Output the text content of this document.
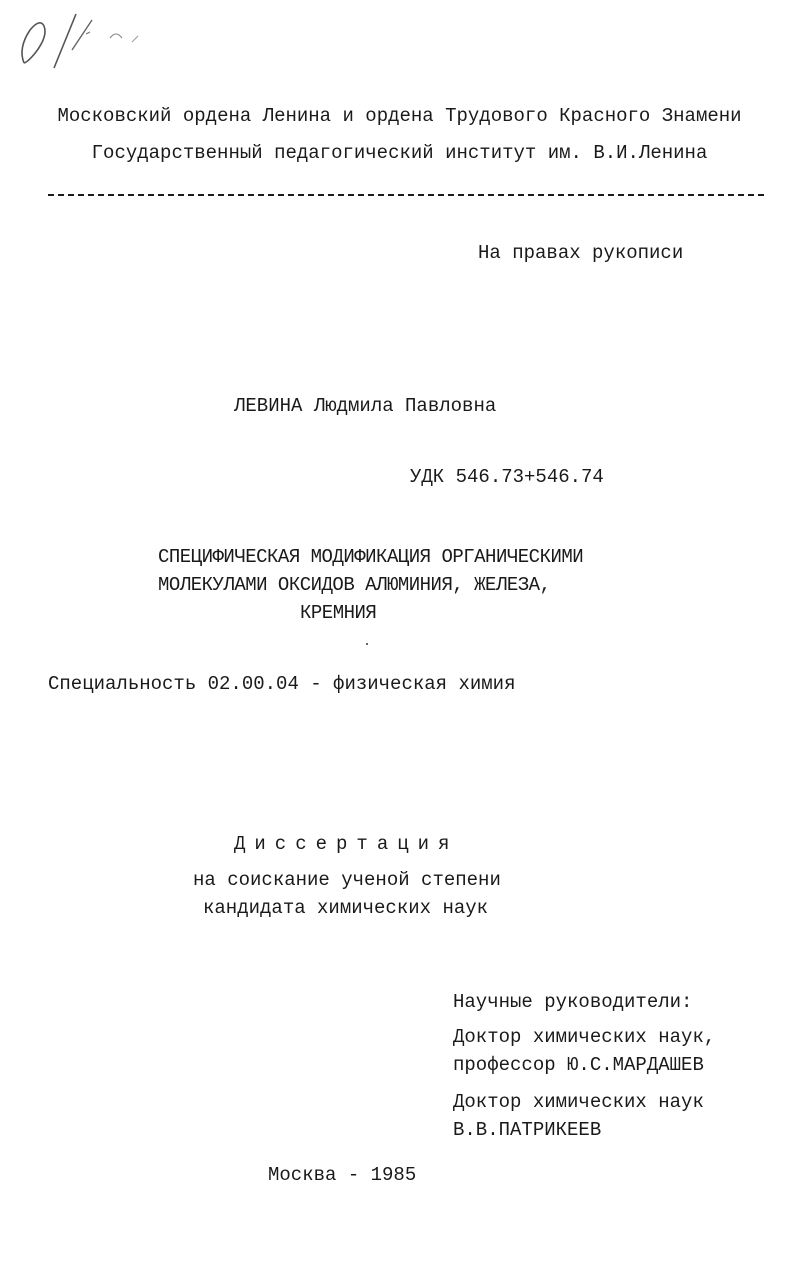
Московский ордена Ленина и ордена Трудового Красного Знамени
Государственный педагогический институт им. В.И.Ленина
На правах рукописи
ЛЕВИНА Людмила Павловна
УДК 546.73+546.74
СПЕЦИФИЧЕСКАЯ МОДИФИКАЦИЯ ОРГАНИЧЕСКИМИ
МОЛЕКУЛАМИ ОКСИДОВ АЛЮМИНИЯ, ЖЕЛЕЗА,
КРЕМНИЯ
Специальность 02.00.04 - физическая химия
Диссертация
на соискание ученой степени
кандидата химических наук
Научные руководители:
Доктор химических наук,
профессор Ю.С.МАРДАШЕВ
Доктор химических наук
В.В.ПАТРИКЕЕВ
Москва - 1985
